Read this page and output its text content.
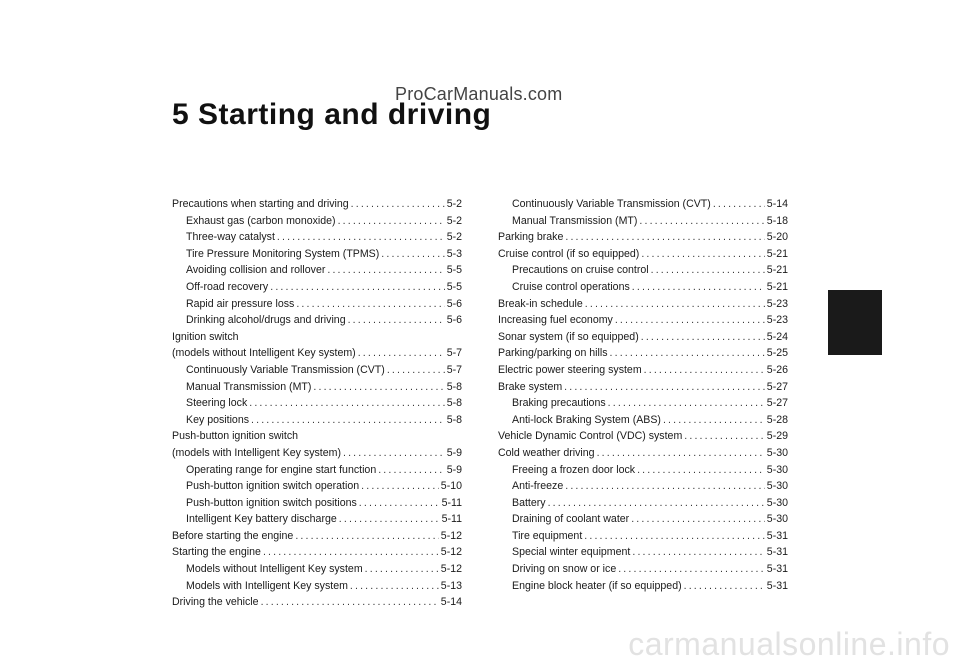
ProCarManuals.com
5 Starting and driving
Precautions when starting and driving . . .	5-2
Exhaust gas (carbon monoxide) . . .	5-2
Three-way catalyst . . .	5-2
Tire Pressure Monitoring System (TPMS) . . .	5-3
Avoiding collision and rollover . . .	5-5
Off-road recovery . . .	5-5
Rapid air pressure loss . . .	5-6
Drinking alcohol/drugs and driving . . .	5-6
Ignition switch
(models without Intelligent Key system) . . .	5-7
Continuously Variable Transmission (CVT) . . .	5-7
Manual Transmission (MT) . . .	5-8
Steering lock . . .	5-8
Key positions . . .	5-8
Push-button ignition switch
(models with Intelligent Key system) . . .	5-9
Operating range for engine start function . . .	5-9
Push-button ignition switch operation . . .	5-10
Push-button ignition switch positions . . .	5-11
Intelligent Key battery discharge . . .	5-11
Before starting the engine . . .	5-12
Starting the engine . . .	5-12
Models without Intelligent Key system . . .	5-12
Models with Intelligent Key system . . .	5-13
Driving the vehicle . . .	5-14
Continuously Variable Transmission (CVT) . . .	5-14
Manual Transmission (MT) . . .	5-18
Parking brake . . .	5-20
Cruise control (if so equipped) . . .	5-21
Precautions on cruise control . . .	5-21
Cruise control operations . . .	5-21
Break-in schedule . . .	5-23
Increasing fuel economy . . .	5-23
Sonar system (if so equipped) . . .	5-24
Parking/parking on hills . . .	5-25
Electric power steering system . . .	5-26
Brake system . . .	5-27
Braking precautions . . .	5-27
Anti-lock Braking System (ABS) . . .	5-28
Vehicle Dynamic Control (VDC) system . . .	5-29
Cold weather driving . . .	5-30
Freeing a frozen door lock . . .	5-30
Anti-freeze . . .	5-30
Battery . . .	5-30
Draining of coolant water . . .	5-30
Tire equipment . . .	5-31
Special winter equipment . . .	5-31
Driving on snow or ice . . .	5-31
Engine block heater (if so equipped) . . .	5-31
carmanualsonline.info
